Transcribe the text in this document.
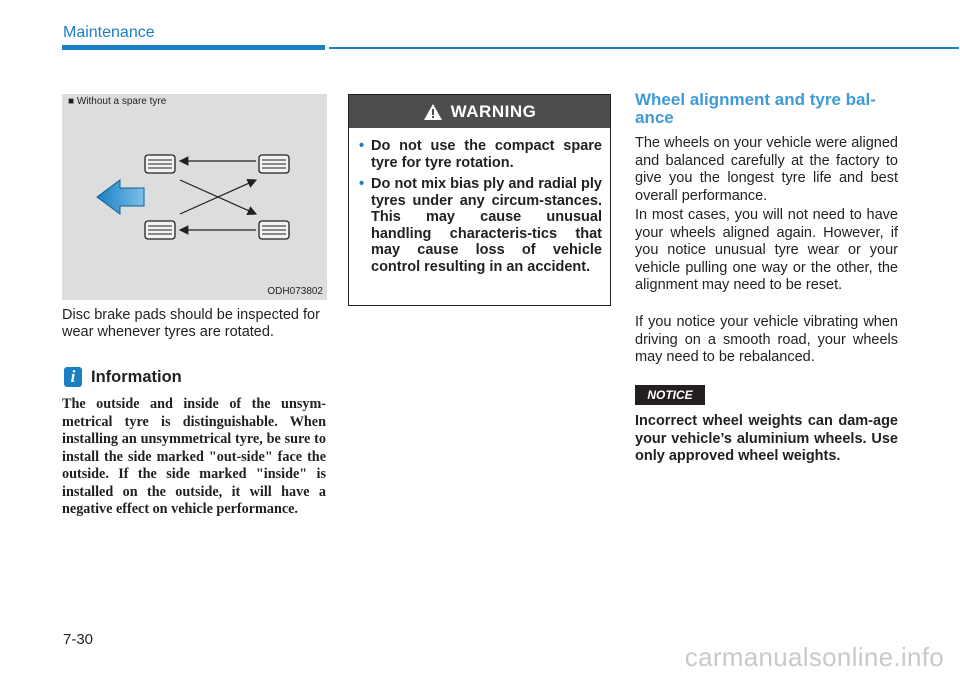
Maintenance
■ Without a spare tyre
ODH073802
Disc brake pads should be inspected for wear whenever tyres are rotated.
i Information
The outside and inside of the unsym-metrical tyre is distinguishable. When installing an unsymmetrical tyre, be sure to install the side marked "out-side" face the outside. If the side marked "inside" is installed on the outside, it will have a negative effect on vehicle performance.
WARNING
• Do not use the compact spare tyre for tyre rotation.
• Do not mix bias ply and radial ply tyres under any circum-stances. This may cause unusual handling characteris-tics that may cause loss of vehicle control resulting in an accident.
Wheel alignment and tyre bal-ance
The wheels on your vehicle were aligned and balanced carefully at the factory to give you the longest tyre life and best overall performance.
In most cases, you will not need to have your wheels aligned again. However, if you notice unusual tyre wear or your vehicle pulling one way or the other, the alignment may need to be reset.
If you notice your vehicle vibrating when driving on a smooth road, your wheels may need to be rebalanced.
NOTICE
Incorrect wheel weights can dam-age your vehicle’s aluminium wheels. Use only approved wheel weights.
7-30
carmanualsonline.info
